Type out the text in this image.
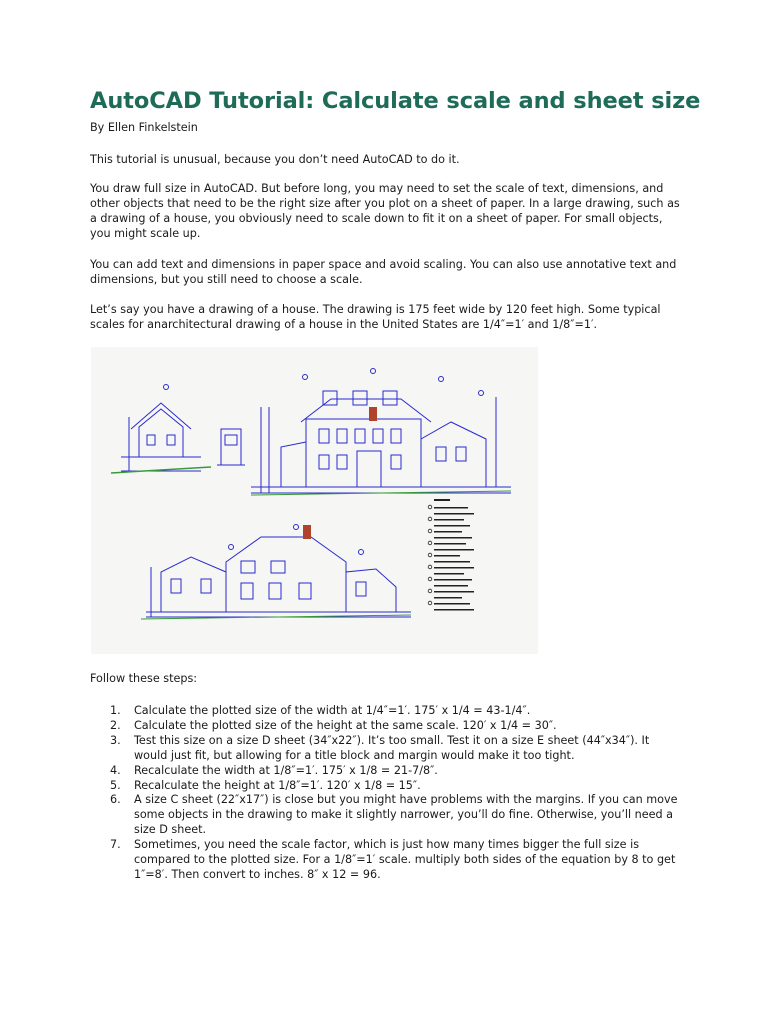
AutoCAD Tutorial: Calculate scale and sheet size
By Ellen Finkelstein

This tutorial is unusual, because you don’t need AutoCAD to do it.

You draw full size in AutoCAD. But before long, you may need to set the scale of text, dimensions, and other objects that need to be the right size after you plot on a sheet of paper. In a large drawing, such as a drawing of a house, you obviously need to scale down to fit it on a sheet of paper. For small objects, you might scale up.

You can add text and dimensions in paper space and avoid scaling. You can also use annotative text and dimensions, but you still need to choose a scale.

Let’s say you have a drawing of a house. The drawing is 175 feet wide by 120 feet high. Some typical scales for anarchitectural drawing of a house in the United States are 1/4″=1′ and 1/8″=1′.

Follow these steps:
1. Calculate the plotted size of the width at 1/4″=1′. 175′ x 1/4 = 43-1/4″.
2. Calculate the plotted size of the height at the same scale. 120′ x 1/4 = 30″.
3. Test this size on a size D sheet (34″x22″). It’s too small. Test it on a size E sheet (44″x34″). It would just fit, but allowing for a title block and margin would make it too tight.
4. Recalculate the width at 1/8″=1′. 175′ x 1/8 = 21-7/8″.
5. Recalculate the height at 1/8″=1′. 120′ x 1/8 = 15″.
6. A size C sheet (22″x17″) is close but you might have problems with the margins. If you can move some objects in the drawing to make it slightly narrower, you’ll do fine. Otherwise, you’ll need a size D sheet.
7. Sometimes, you need the scale factor, which is just how many times bigger the full size is compared to the plotted size. For a 1/8″=1′ scale. multiply both sides of the equation by 8 to get 1″=8′. Then convert to inches. 8″ x 12 = 96.
